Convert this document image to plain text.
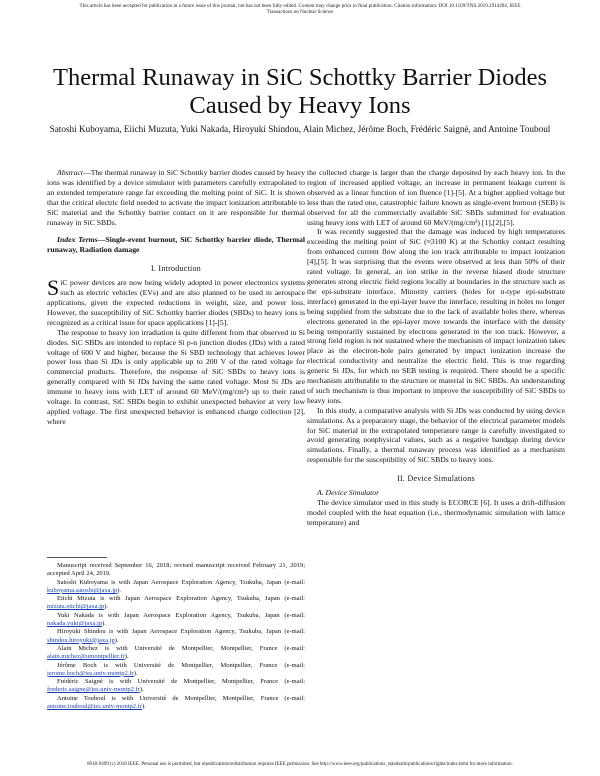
This article has been accepted for publication in a future issue of this journal, but has not been fully edited. Content may change prior to final publication. Citation information: DOI 10.1109/TNS.2019.2914494, IEEE
Transactions on Nuclear Science
Thermal Runaway in SiC Schottky Barrier Diodes Caused by Heavy Ions
Satoshi Kuboyama, Eiichi Muzuta, Yuki Nakada, Hiroyuki Shindou, Alain Michez, Jérôme Boch, Frédéric Saigné, and Antoine Touboul

Abstract—The thermal runaway in SiC Schottky barrier diodes caused by heavy ions was identified by a device simulator with parameters carefully extrapolated to an extended temperature range far exceeding the melting point of SiC. It is shown that the critical electric field needed to activate the impact ionization attributable to SiC material and the Schottky barrier contact on it are responsible for thermal runaway in SiC SBDs.

Index Terms—Single-event burnout, SiC Schottky barrier diode, Thermal runaway, Radiation damage

I. Introduction

SiC power devices are now being widely adopted in power electronics systems such as electric vehicles (EVs) and are also planned to be used in aerospace applications, given the expected reductions in weight, size, and power loss. However, the susceptibility of SiC Schottky barrier diodes (SBDs) to heavy ions is recognized as a critical issue for space applications [1]-[5].

The response to heavy ion irradiation is quite different from that observed in Si diodes. SiC SBDs are intended to replace Si p-n junction diodes (JDs) with a rated voltage of 600 V and higher, because the Si SBD technology that achieves lower power loss than Si JDs is only applicable up to 200 V of the rated voltage for commercial products. Therefore, the response of SiC SBDs to heavy ions is generally compared with Si JDs having the same rated voltage. Most Si JDs are immune to heavy ions with LET of around 60 MeV/(mg/cm²) up to their rated voltage. In contrast, SiC SBDs begin to exhibit unexpected behavior at very low applied voltage. The first unexpected behavior is enhanced charge collection [2], where

Manuscript received September 16, 2018; revised manuscript received February 21, 2019; accepted April 24, 2019.

Satoshi Kuboyama is with Japan Aerospace Exploration Agency, Tsukuba, Japan (e-mail: kuboyama.satoshi@jaxa.jp).

Eiichi Mizuta is with Japan Aerospace Exploration Agency, Tsukuba, Japan (e-mail: mizuta.eiichi@jaxa.jp).

Yuki Nakada is with Japan Aerospace Exploration Agency, Tsukuba, Japan (e-mail: nakada.yuki@jaxa.jp).

Hiroyuki Shindou is with Japan Aerospace Exploration Agency, Tsukuba, Japan (e-mail: shindou.hiroyuki@jaxa.jp).

Alain Michez is with Université de Montpellier, Montpellier, France (e-mail: alain.michez@umontpellier.fr).

Jérôme Boch is with Université de Montpellier, Montpellier, France (e-mail: jerome.boch@ies.univ-montp2.fr).

Frédéric Saigné is with Université de Montpellier, Montpellier, France (e-mail: frederic.saigne@ies.univ-montp2.fr).

Antoine Touboul is with Université de Montpellier, Montpellier, France (e-mail: antoine.touboul@ies.univ-montp2.fr).

the collected charge is larger than the charge deposited by each heavy ion. In the region of increased applied voltage, an increase in permanent leakage current is observed as a linear function of ion fluence [1]-[5]. At a higher applied voltage but less than the rated one, catastrophic failure known as single-event burnout (SEB) is observed for all the commercially available SiC SBDs submitted for evaluation using heavy ions with LET of around 60 MeV/(mg/cm²) [1],[2],[5].

It was recently suggested that the damage was induced by high temperatures exceeding the melting point of SiC (≈3100 K) at the Schottky contact resulting from enhanced current flow along the ion track attributable to impact ionization [4],[5]. It was surprising that the events were observed at less than 50% of their rated voltage. In general, an ion strike in the reverse biased diode structure generates strong electric field regions locally at boundaries in the structure such as the epi-substrate interface. Minority carriers (holes for n-type epi-substrate interface) generated in the epi-layer leave the interface, resulting in holes no longer being supplied from the substrate due to the lack of available holes there, whereas electrons generated in the epi-layer move towards the interface with the density being temporarily sustained by electrons generated in the ion track. However, a strong field region is not sustained where the mechanism of impact ionization takes place as the electron-hole pairs generated by impact ionization increase the electrical conductivity and neutralize the electric field. This is true regarding generic Si JDs, for which no SEB testing is required. There should be a specific mechanism attributable to the structure or material in SiC SBDs. An understanding of such mechanism is thus important to improve the susceptibility of SiC SBDs to heavy ions.

In this study, a comparative analysis with Si JDs was conducted by using device simulations. As a preparatory stage, the behavior of the electrical parameter models for SiC material in the extrapolated temperature range is carefully investigated to avoid generating nonphysical values, such as a negative bandgap during device simulations. Finally, a thermal runaway process was identified as a mechanism responsible for the susceptibility of SiC SBDs to heavy ions.

II. Device Simulations

A. Device Simulator

The device simulator used in this study is ECORCE [6]. It uses a drift-diffusion model coupled with the heat equation (i.e., thermodynamic simulation with lattice temperature) and

0018-9499 (c) 2018 IEEE. Personal use is permitted, but republication/redistribution requires IEEE permission. See http://www.ieee.org/publications_standards/publications/rights/index.html for more information.
